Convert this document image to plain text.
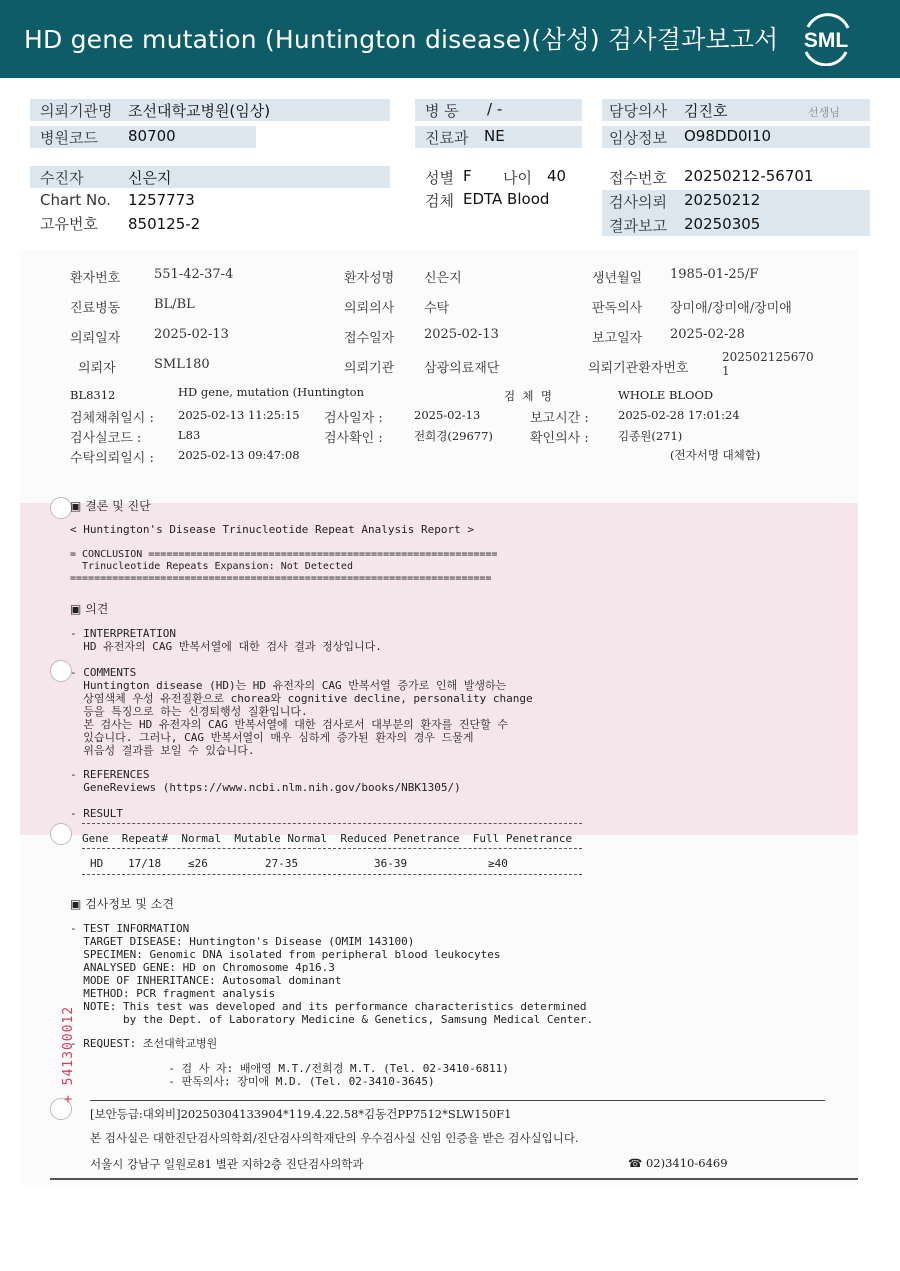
HD gene mutation (Huntington disease)(삼성) 검사결과보고서 SML
의뢰기관명 조선대학교병원(임상)	병 동 / -	담당의사 김진호	선생님
병원코드 80700	진료과 NE	임상정보 O98DD0I10
수진자	신은지	성별 F 나이 40	접수번호 20250212-56701
Chart No. 1257773	검체 EDTA Blood	검사의뢰 20250212
고유번호 850125-2	결과보고 20250305
환자번호	551-42-37-4	환자성명 신은지	생년월일 1985-01-25/F
진료병동	BL/BL	의뢰의사 수탁	판독의사 장미애/장미애/장미애
의뢰일자	2025-02-13	접수일자 2025-02-13	보고일자 2025-02-28
의뢰자	SML180	의뢰기관 삼광의료재단	의뢰기관환자번호
202502125670
1
BL8312	HD gene, mutation (Huntington	검  체  명	WHOLE BLOOD
검체채취일시 : 2025-02-13 11:25:15 검사일자 :	2025-02-13	보고시간 :	2025-02-28 17:01:24
검사실코드 :	L83	검사확인 :	전희경(29677)	확인의사 :	김종원(271)
수탁의뢰일시 : 2025-02-13 09:47:08	(전자서명 대체함)
▣ 결론 및 진단
< Huntington's Disease Trinucleotide Repeat Analysis Report >
= CONCLUSION ==========================================================
Trinucleotide Repeats Expansion: Not Detected
======================================================================
▣ 의견
- INTERPRETATION
HD 유전자의 CAG 반복서열에 대한 검사 결과 정상입니다.
- COMMENTS
Huntington disease (HD)는 HD 유전자의 CAG 반복서열 증가로 인해 발생하는
상염색체 우성 유전질환으로 chorea와 cognitive decline, personality change
등을 특징으로 하는 신경퇴행성 질환입니다.
본 검사는 HD 유전자의 CAG 반복서열에 대한 검사로서 대부분의 환자를 진단할 수
있습니다. 그러나, CAG 반복서열이 매우 심하게 증가된 환자의 경우 드물게
위음성 결과를 보일 수 있습니다.
- REFERENCES
GeneReviews (https://www.ncbi.nlm.nih.gov/books/NBK1305/)
- RESULT
Gene Repeat# Normal Mutable Normal Reduced Penetrance Full Penetrance
HD 17/18 ≤26	27-35	36-39	≥40
▣ 검사정보 및 소견
- TEST INFORMATION
TARGET DISEASE: Huntington's Disease (OMIM 143100)
SPECIMEN: Genomic DNA isolated from peripheral blood leukocytes
ANALYSED GENE: HD on Chromosome 4p16.3
MODE OF INHERITANCE: Autosomal dominant
METHOD: PCR fragment analysis
NOTE: This test was developed and its performance characteristics determined
by the Dept. of Laboratory Medicine & Genetics, Samsung Medical Center.
- REQUEST: 조선대학교병원
- 검 사 자: 배애영 M.T./전희경 M.T. (Tel. 02-3410-6811)
- 판독의사: 장미애 M.D. (Tel. 02-3410-3645)
+ 541300012
[보안등급:대외비]20250304133904*119.4.22.58*김동건PP7512*SLW150F1
본 검사실은 대한진단검사의학회/진단검사의학재단의 우수검사실 신임 인증을 받은 검사실입니다.
서울시 강남구 일원로81 별관 지하2층 진단검사의학과	☎ 02)3410-6469
